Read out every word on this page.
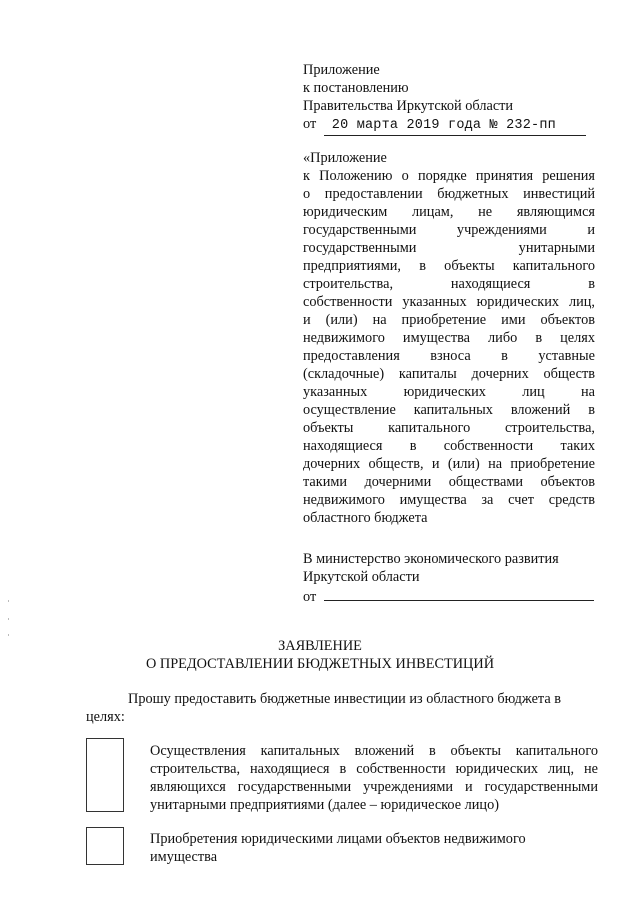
Приложение
к постановлению
Правительства Иркутской области
от 20 марта 2019 года № 232-пп
«Приложение
к Положению о порядке принятия решения
о предоставлении бюджетных инвестиций
юридическим лицам, не являющимся
государственными учреждениями и
государственными унитарными
предприятиями, в объекты капитального
строительства, находящиеся в
собственности указанных юридических лиц,
и (или) на приобретение ими объектов
недвижимого имущества либо в целях
предоставления взноса в уставные
(складочные) капиталы дочерних обществ
указанных юридических лиц на
осуществление капитальных вложений в
объекты капитального строительства,
находящиеся в собственности таких
дочерних обществ, и (или) на приобретение
такими дочерними обществами объектов
недвижимого имущества за счет средств
областного бюджета
В министерство экономического развития
Иркутской области
от
ЗАЯВЛЕНИЕ
О ПРЕДОСТАВЛЕНИИ БЮДЖЕТНЫХ ИНВЕСТИЦИЙ
Прошу предоставить бюджетные инвестиции из областного бюджета в
целях:
Осуществления капитальных вложений в объекты капитального
строительства, находящиеся в собственности юридических лиц, не
являющихся государственными учреждениями и государственными
унитарными предприятиями (далее – юридическое лицо)
Приобретения юридическими лицами объектов недвижимого
имущества
